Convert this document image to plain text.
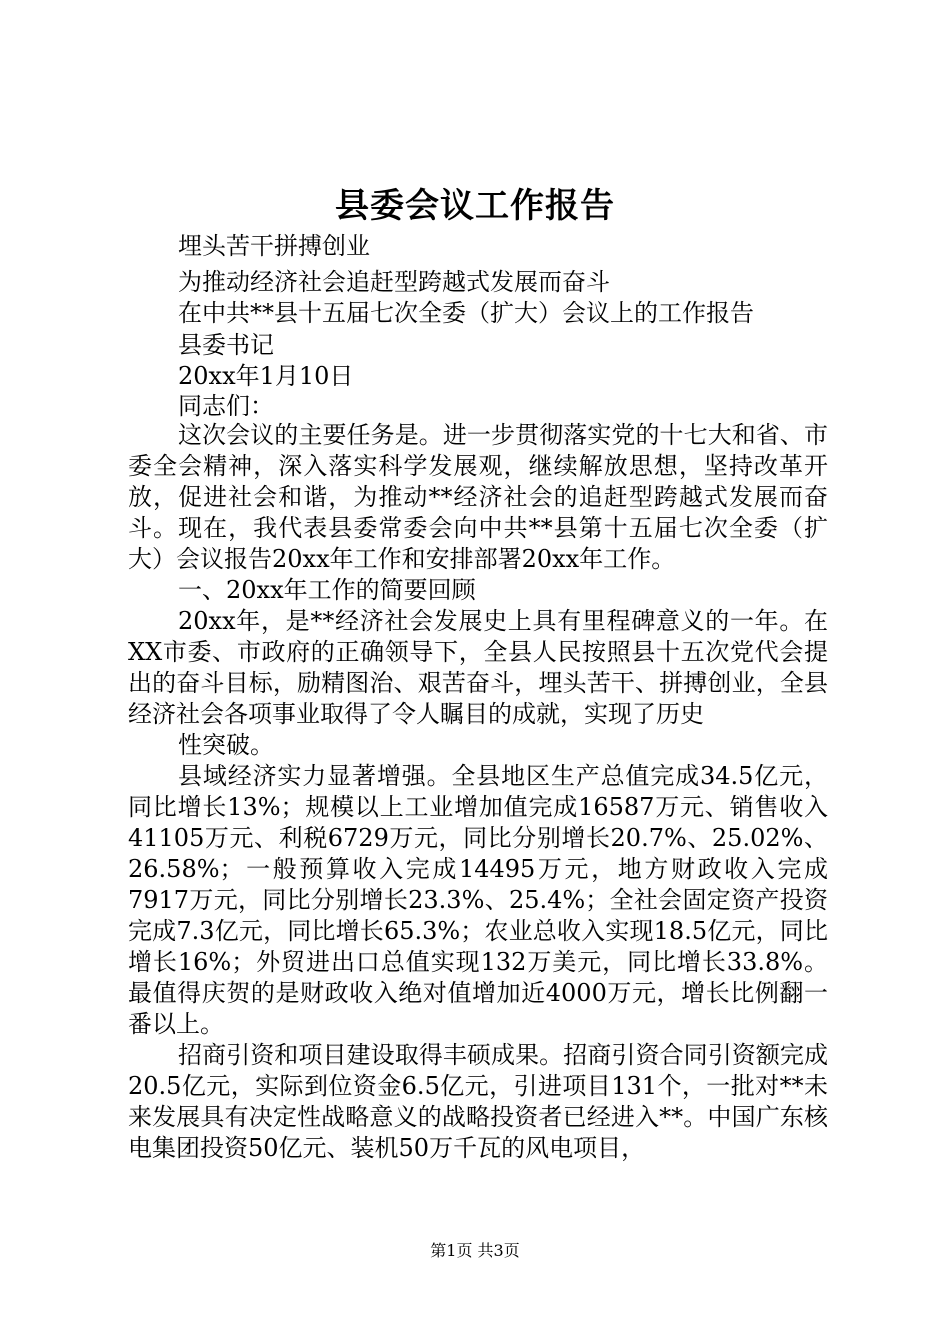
县委会议工作报告
埋头苦干拼搏创业
为推动经济社会追赶型跨越式发展而奋斗
在中共**县十五届七次全委（扩大）会议上的工作报告
县委书记
20xx年1月10日
同志们：

这次会议的主要任务是。进一步贯彻落实党的十七大和省、市委全会精神，深入落实科学发展观，继续解放思想，坚持改革开放，促进社会和谐，为推动**经济社会的追赶型跨越式发展而奋斗。现在，我代表县委常委会向中共**县第十五届七次全委（扩大）会议报告20xx年工作和安排部署20xx年工作。

一、20xx年工作的简要回顾

20xx年，是**经济社会发展史上具有里程碑意义的一年。在XX市委、市政府的正确领导下，全县人民按照县十五次党代会提出的奋斗目标，励精图治、艰苦奋斗，埋头苦干、拼搏创业，全县经济社会各项事业取得了令人瞩目的成就，实现了历史

性突破。

县域经济实力显著增强。全县地区生产总值完成34.5亿元，同比增长13%；规模以上工业增加值完成16587万元、销售收入41105万元、利税6729万元，同比分别增长20.7%、25.02%、26.58%；一般预算收入完成14495万元，地方财政收入完成7917万元，同比分别增长23.3%、25.4%；全社会固定资产投资完成7.3亿元，同比增长65.3%；农业总收入实现18.5亿元，同比增长16%；外贸进出口总值实现132万美元，同比增长33.8%。最值得庆贺的是财政收入绝对值增加近4000万元，增长比例翻一番以上。

招商引资和项目建设取得丰硕成果。招商引资合同引资额完成20.5亿元，实际到位资金6.5亿元，引进项目131个，一批对**未来发展具有决定性战略意义的战略投资者已经进入**。中国广东核电集团投资50亿元、装机50万千瓦的风电项目，

第1页 共3页
